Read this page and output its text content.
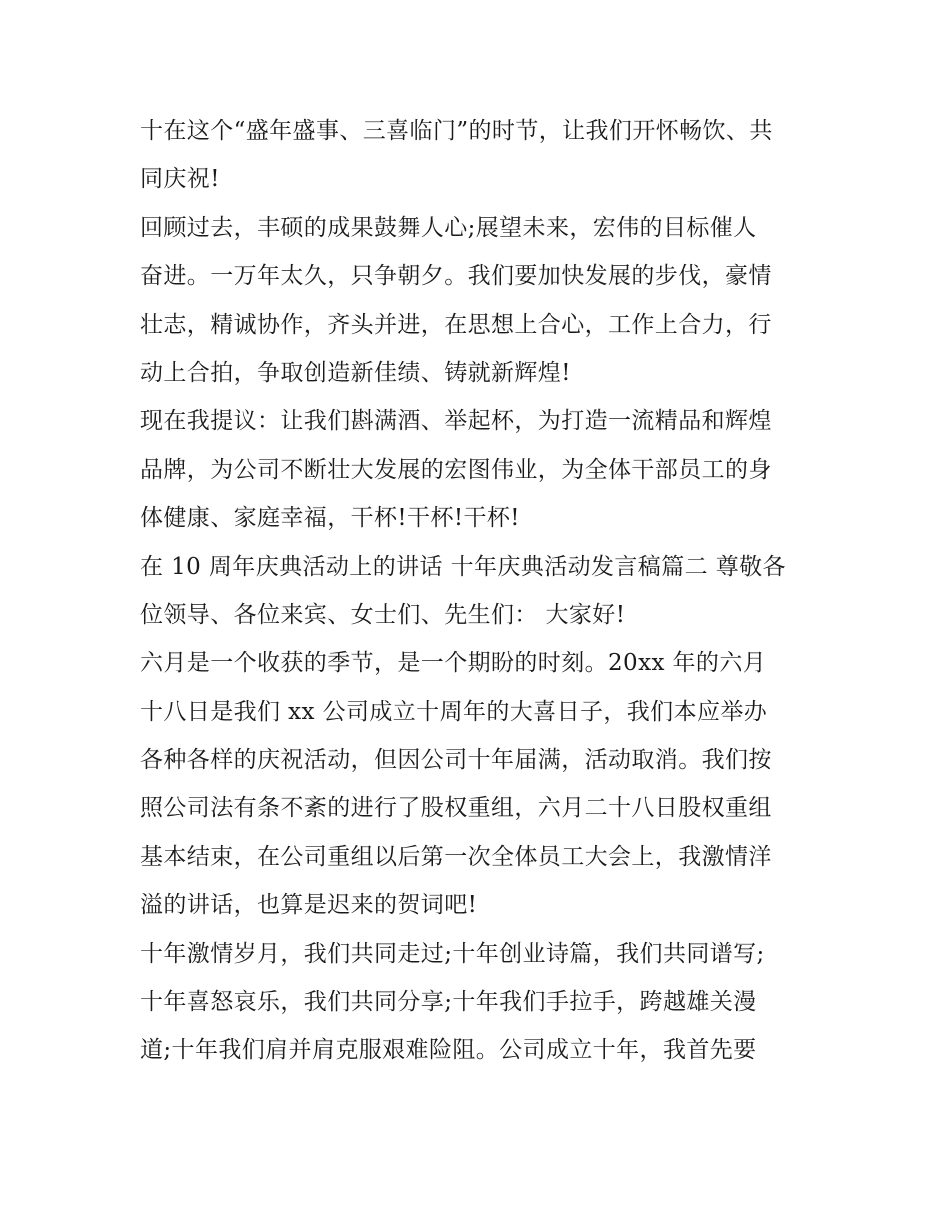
十在这个“盛年盛事、三喜临门”的时节，让我们开怀畅饮、共
同庆祝!
回顾过去，丰硕的成果鼓舞人心;展望未来，宏伟的目标催人
奋进。一万年太久，只争朝夕。我们要加快发展的步伐，豪情
壮志，精诚协作，齐头并进，在思想上合心，工作上合力，行
动上合拍，争取创造新佳绩、铸就新辉煌!
现在我提议：让我们斟满酒、举起杯，为打造一流精品和辉煌
品牌，为公司不断壮大发展的宏图伟业，为全体干部员工的身
体健康、家庭幸福，干杯!干杯!干杯!
在 10 周年庆典活动上的讲话 十年庆典活动发言稿篇二 尊敬各
位领导、各位来宾、女士们、先生们： 大家好!
六月是一个收获的季节，是一个期盼的时刻。20xx 年的六月
十八日是我们 xx 公司成立十周年的大喜日子，我们本应举办
各种各样的庆祝活动，但因公司十年届满，活动取消。我们按
照公司法有条不紊的进行了股权重组，六月二十八日股权重组
基本结束，在公司重组以后第一次全体员工大会上，我激情洋
溢的讲话，也算是迟来的贺词吧!
十年激情岁月，我们共同走过;十年创业诗篇，我们共同谱写;
十年喜怒哀乐，我们共同分享;十年我们手拉手，跨越雄关漫
道;十年我们肩并肩克服艰难险阻。公司成立十年，我首先要
